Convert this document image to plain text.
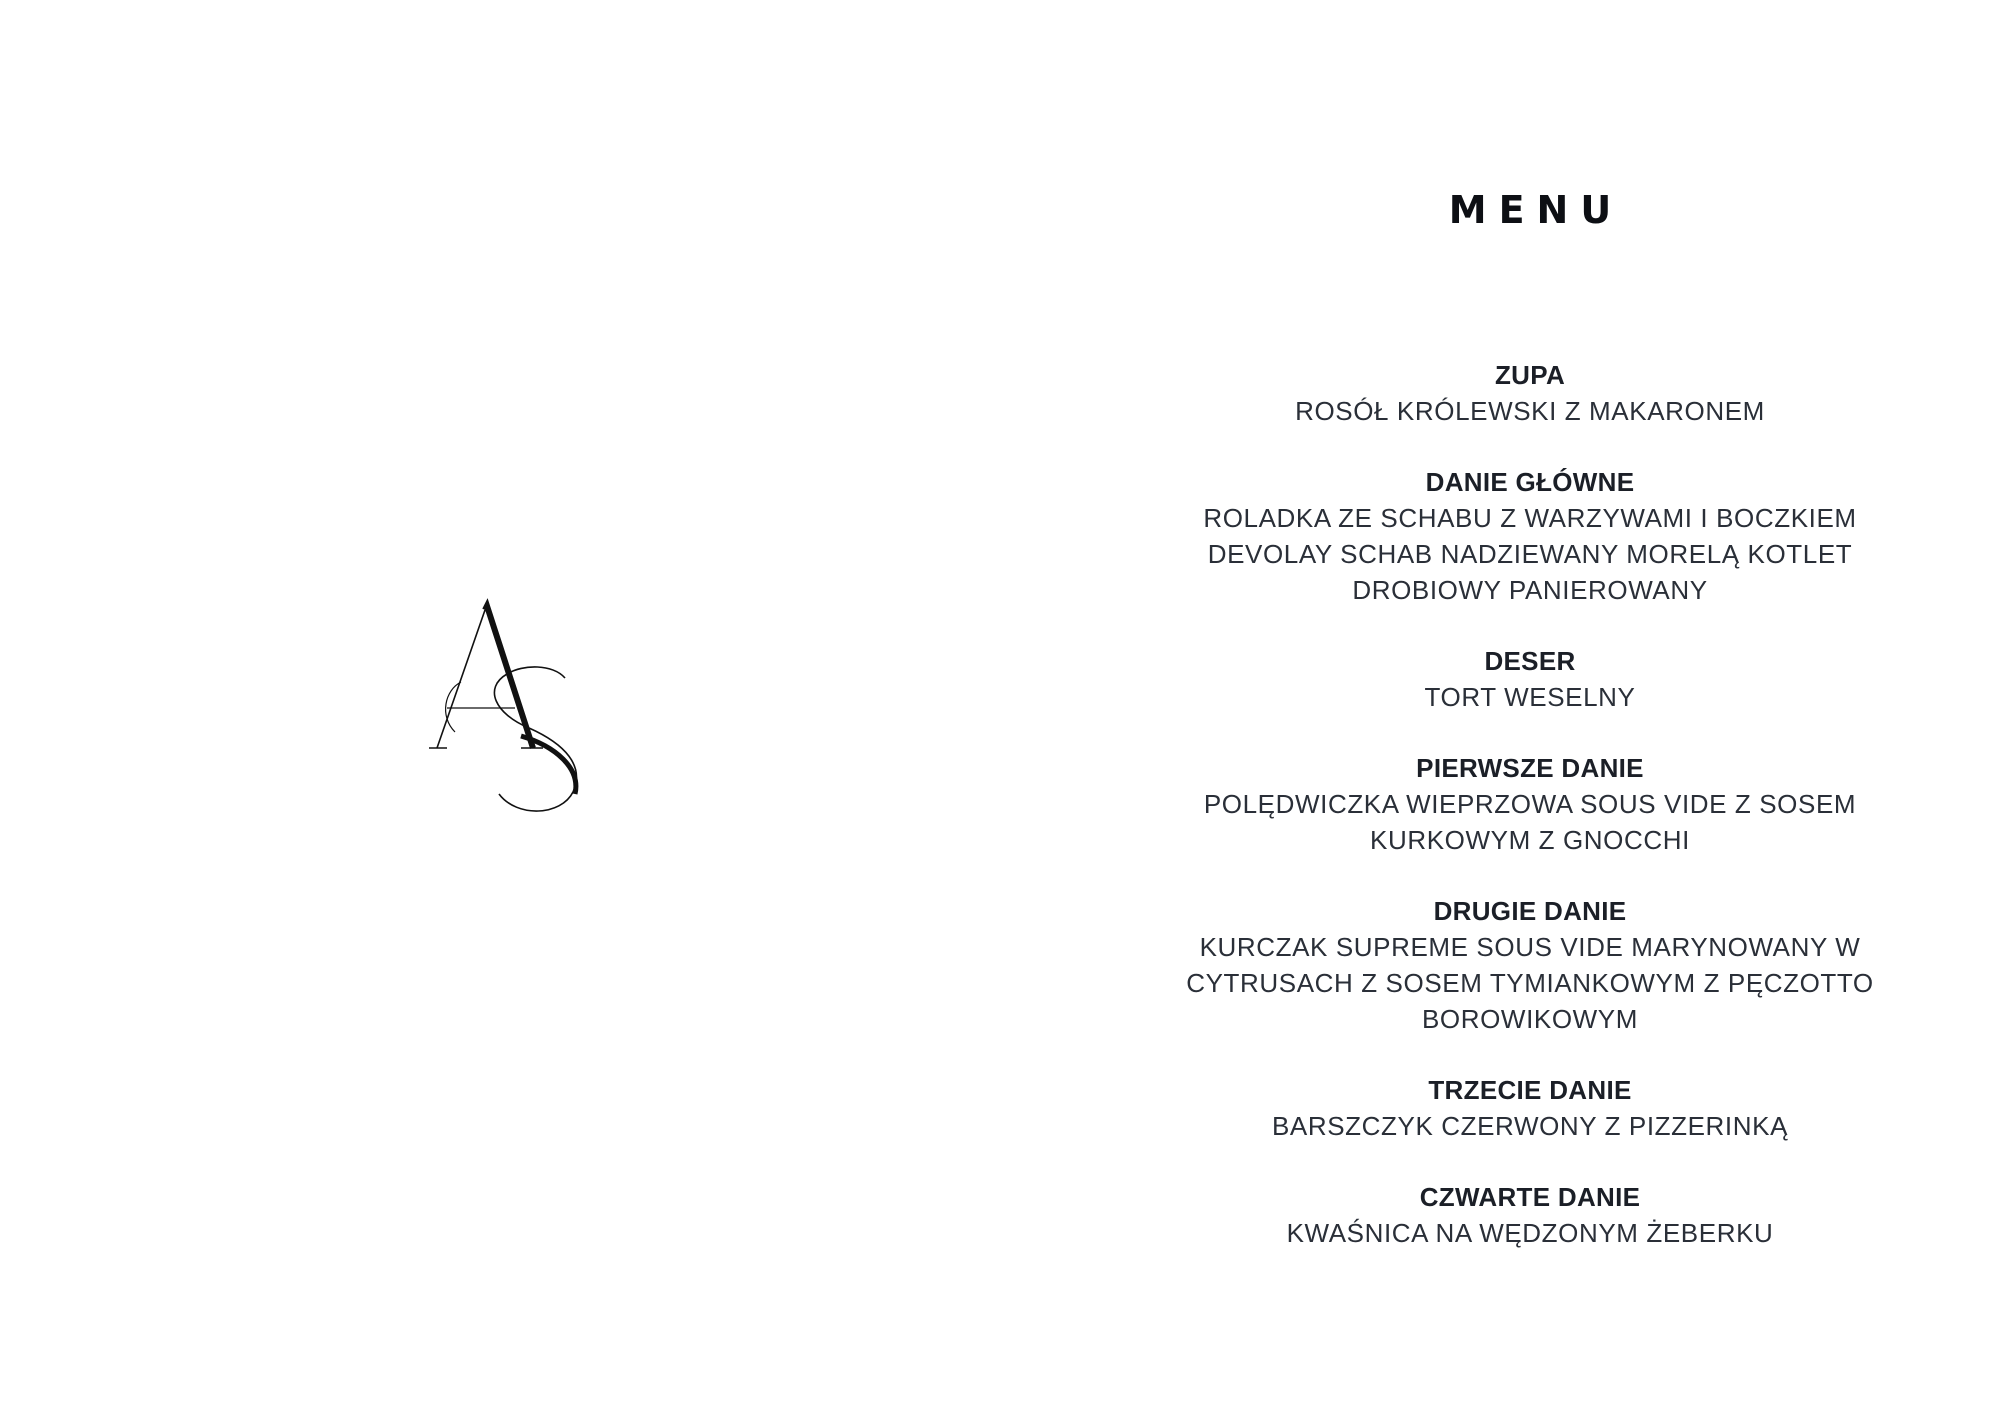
MENU
ZUPA
ROSÓŁ KRÓLEWSKI Z MAKARONEM
DANIE GŁÓWNE
ROLADKA ZE SCHABU Z WARZYWAMI I BOCZKIEM
DEVOLAY SCHAB NADZIEWANY MORELĄ KOTLET
DROBIOWY PANIEROWANY
DESER
TORT WESELNY
PIERWSZE DANIE
POLĘDWICZKA WIEPRZOWA SOUS VIDE Z SOSEM
KURKOWYM Z GNOCCHI
DRUGIE DANIE
KURCZAK SUPREME SOUS VIDE MARYNOWANY W
CYTRUSACH Z SOSEM TYMIANKOWYM Z PĘCZOTTO
BOROWIKOWYM
TRZECIE DANIE
BARSZCZYK CZERWONY Z PIZZERINKĄ
CZWARTE DANIE
KWAŚNICA NA WĘDZONYM ŻEBERKU
